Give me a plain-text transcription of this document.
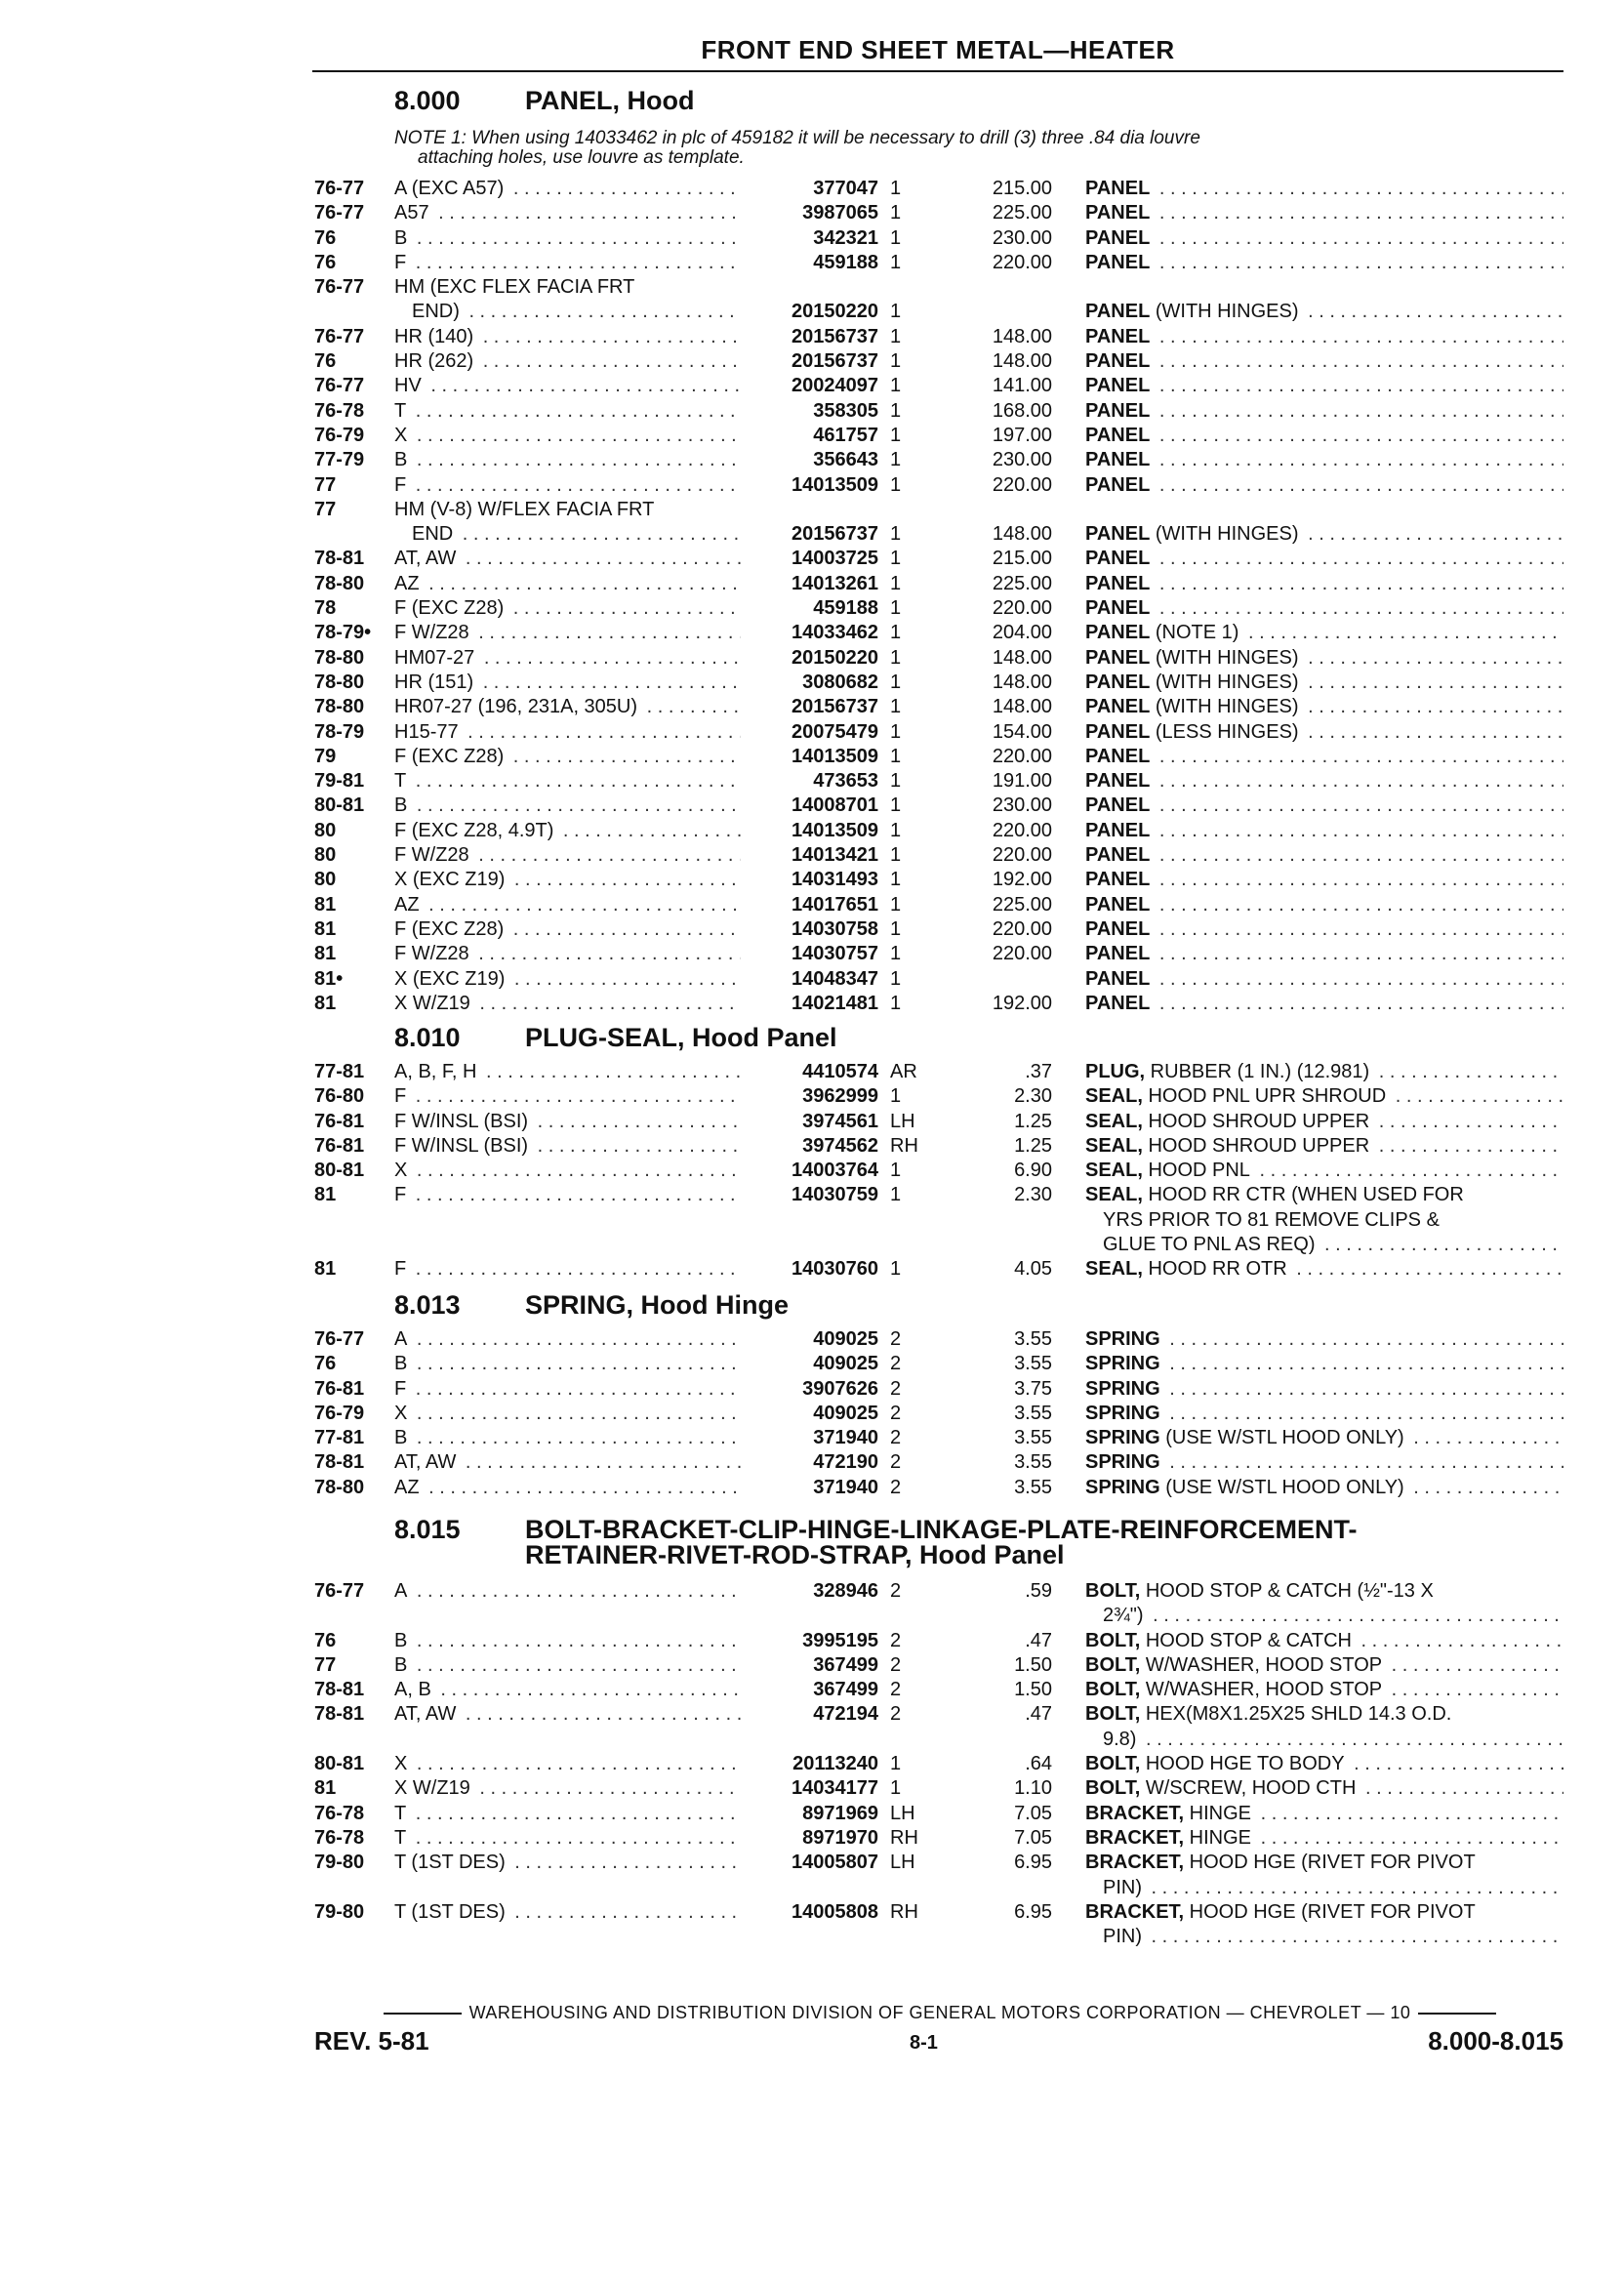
FRONT END SHEET METAL—HEATER
8.000 PANEL, Hood
NOTE 1: When using 14033462 in plc of 459182 it will be necessary to drill (3) three .84 dia louvre
attaching holes, use louvre as template.
76-77 A (EXC A57) . . .	377047 1	215.00 PANEL . . .
76-77 A57 . . .	3987065 1	225.00 PANEL . . .
76	B . . .	342321 1	230.00 PANEL . . .
76	F . . .	459188 1	220.00 PANEL . . .
76-77 HM (EXC FLEX FACIA FRT
END) . . .	20150220 1	PANEL (WITH HINGES) . . .
76-77 HR (140) . . .	20156737 1	148.00 PANEL . . .
76	HR (262) . . .	20156737 1	148.00 PANEL . . .
76-77 HV . . .	20024097 1	141.00 PANEL . . .
76-78 T . . .	358305 1	168.00 PANEL . . .
76-79 X . . .	461757 1	197.00 PANEL . . .
77-79 B . . .	356643 1	230.00 PANEL . . .
77	F . . .	14013509 1	220.00 PANEL . . .
77	HM (V-8) W/FLEX FACIA FRT
END . . .	20156737 1	148.00 PANEL (WITH HINGES) . . .
78-81 AT, AW . . .	14003725 1	215.00 PANEL . . .
78-80 AZ . . .	14013261 1	225.00 PANEL . . .
78	F (EXC Z28) . . .	459188 1	220.00 PANEL . . .
78-79• F W/Z28 . . .	14033462 1	204.00 PANEL (NOTE 1) . . .
78-80 HM07-27 . . .	20150220 1	148.00 PANEL (WITH HINGES) . . .
78-80 HR (151) . . .	3080682 1	148.00 PANEL (WITH HINGES) . . .
78-80 HR07-27 (196, 231A, 305U) . . .	20156737 1	148.00 PANEL (WITH HINGES) . . .
78-79 H15-77 . . .	20075479 1	154.00 PANEL (LESS HINGES) . . .
79	F (EXC Z28) . . .	14013509 1	220.00 PANEL . . .
79-81 T . . .	473653 1	191.00 PANEL . . .
80-81 B . . .	14008701 1	230.00 PANEL . . .
80	F (EXC Z28, 4.9T) . . .	14013509 1	220.00 PANEL . . .
80	F W/Z28 . . .	14013421 1	220.00 PANEL . . .
80	X (EXC Z19) . . .	14031493 1	192.00 PANEL . . .
81	AZ . . .	14017651 1	225.00 PANEL . . .
81	F (EXC Z28) . . .	14030758 1	220.00 PANEL . . .
81	F W/Z28 . . .	14030757 1	220.00 PANEL . . .
81•	X (EXC Z19) . . .	14048347 1	PANEL . . .
81	X W/Z19 . . .	14021481 1	192.00 PANEL . . .
8.010 PLUG-SEAL, Hood Panel
77-81 A, B, F, H . . .	4410574 AR	.37 PLUG, RUBBER (1 IN.) (12.981) . . .
76-80 F . . .	3962999 1	2.30 SEAL, HOOD PNL UPR SHROUD . . .
76-81 F W/INSL (BSI) . . .	3974561 LH	1.25 SEAL, HOOD SHROUD UPPER . . .
76-81 F W/INSL (BSI) . . .	3974562 RH	1.25 SEAL, HOOD SHROUD UPPER . . .
80-81 X . . .	14003764 1	6.90 SEAL, HOOD PNL . . .
81	F . . .	14030759 1	2.30 SEAL, HOOD RR CTR (WHEN USED FOR
YRS PRIOR TO 81 REMOVE CLIPS &
GLUE TO PNL AS REQ) . . .
81	F . . .	14030760 1	4.05 SEAL, HOOD RR OTR . . .
8.013 SPRING, Hood Hinge
76-77 A . . .	409025 2	3.55 SPRING . . .
76	B . . .	409025 2	3.55 SPRING . . .
76-81 F . . .	3907626 2	3.75 SPRING . . .
76-79 X . . .	409025 2	3.55 SPRING . . .
77-81 B . . .	371940 2	3.55 SPRING (USE W/STL HOOD ONLY) . . .
78-81 AT, AW . . .	472190 2	3.55 SPRING . . .
78-80 AZ . . .	371940 2	3.55 SPRING (USE W/STL HOOD ONLY) . . .
8.015 BOLT-BRACKET-CLIP-HINGE-LINKAGE-PLATE-REINFORCEMENT-
RETAINER-RIVET-ROD-STRAP, Hood Panel
76-77 A . . .	328946 2	.59 BOLT, HOOD STOP & CATCH (½"-13 X
2¾") . . .
76	B . . .	3995195 2	.47 BOLT, HOOD STOP & CATCH . . .
77	B . . .	367499 2	1.50 BOLT, W/WASHER, HOOD STOP . . .
78-81 A, B . . .	367499 2	1.50 BOLT, W/WASHER, HOOD STOP . . .
78-81 AT, AW . . .	472194 2	.47 BOLT, HEX(M8X1.25X25 SHLD 14.3 O.D.
9.8) . . .
80-81 X . . .	20113240 1	.64 BOLT, HOOD HGE TO BODY . . .
81	X W/Z19 . . .	14034177 1	1.10 BOLT, W/SCREW, HOOD CTH . . .
76-78 T . . .	8971969 LH	7.05 BRACKET, HINGE . . .
76-78 T . . .	8971970 RH	7.05 BRACKET, HINGE . . .
79-80 T (1ST DES) . . .	14005807 LH	6.95 BRACKET, HOOD HGE (RIVET FOR PIVOT
PIN) . . .
79-80 T (1ST DES) . . .	14005808 RH	6.95 BRACKET, HOOD HGE (RIVET FOR PIVOT
PIN) . . .
WAREHOUSING AND DISTRIBUTION DIVISION OF GENERAL MOTORS CORPORATION — CHEVROLET — 10
REV. 5-81	8-1	8.000-8.015
